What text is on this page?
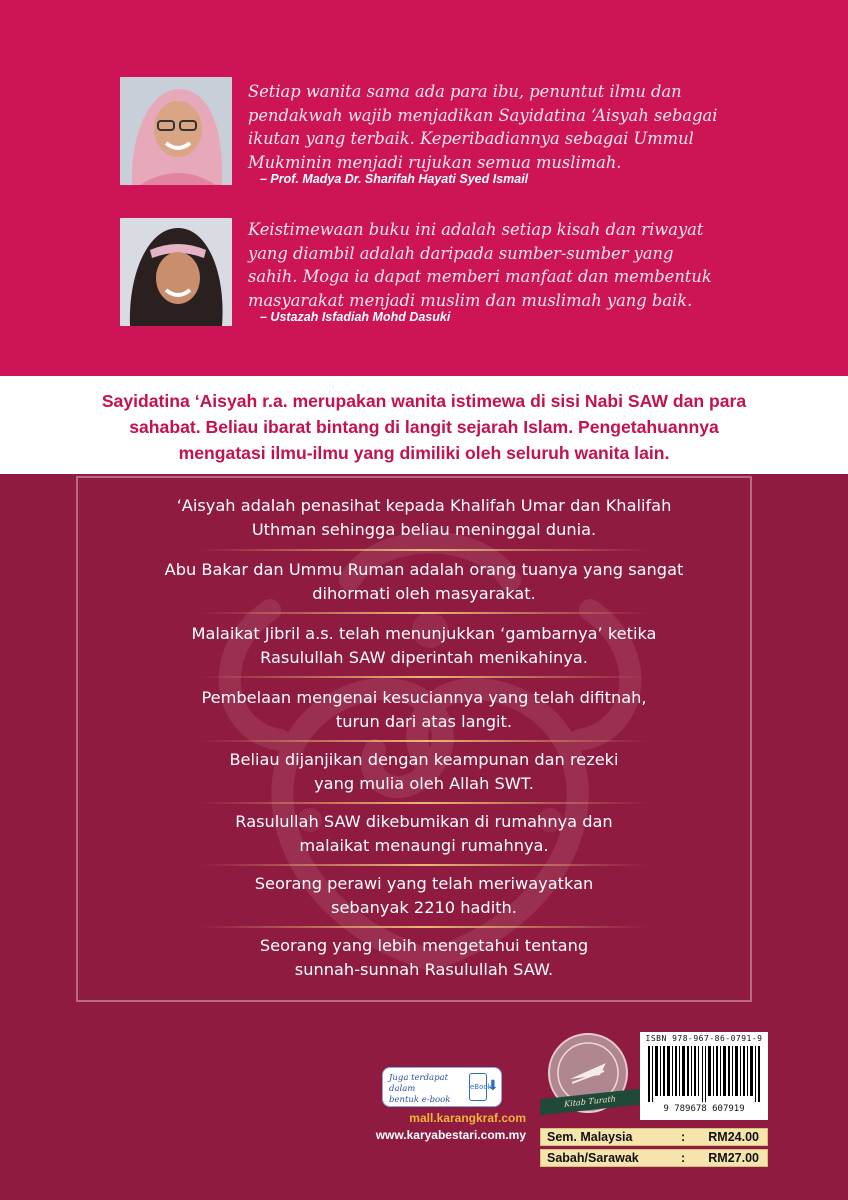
Setiap wanita sama ada para ibu, penuntut ilmu dan
pendakwah wajib menjadikan Sayidatina ‘Aisyah sebagai
ikutan yang terbaik. Keperibadiannya sebagai Ummul
Mukminin menjadi rujukan semua muslimah.
– Prof. Madya Dr. Sharifah Hayati Syed Ismail
Keistimewaan buku ini adalah setiap kisah dan riwayat
yang diambil adalah daripada sumber-sumber yang
sahih. Moga ia dapat memberi manfaat dan membentuk
masyarakat menjadi muslim dan muslimah yang baik.
– Ustazah Isfadiah Mohd Dasuki
Sayidatina ‘Aisyah r.a. merupakan wanita istimewa di sisi Nabi SAW dan para
sahabat. Beliau ibarat bintang di langit sejarah Islam. Pengetahuannya
mengatasi ilmu-ilmu yang dimiliki oleh seluruh wanita lain.
‘Aisyah adalah penasihat kepada Khalifah Umar dan Khalifah
Uthman sehingga beliau meninggal dunia.
Abu Bakar dan Ummu Ruman adalah orang tuanya yang sangat
dihormati oleh masyarakat.
Malaikat Jibril a.s. telah menunjukkan ‘gambarnya’ ketika
Rasulullah SAW diperintah menikahinya.
Pembelaan mengenai kesuciannya yang telah difitnah,
turun dari atas langit.
Beliau dijanjikan dengan keampunan dan rezeki
yang mulia oleh Allah SWT.
Rasulullah SAW dikebumikan di rumahnya dan
malaikat menaungi rumahnya.
Seorang perawi yang telah meriwayatkan
sebanyak 2210 hadith.
Seorang yang lebih mengetahui tentang
sunnah-sunnah Rasulullah SAW.
Juga terdapat dalam
bentuk e-book
eBook
⬇
mall.karangkraf.com
www.karyabestari.com.my
Kitab Turath
ISBN 978-967-86-0791-9
9 789678 607919
Sem. Malaysia	: RM24.00
Sabah/Sarawak	: RM27.00
